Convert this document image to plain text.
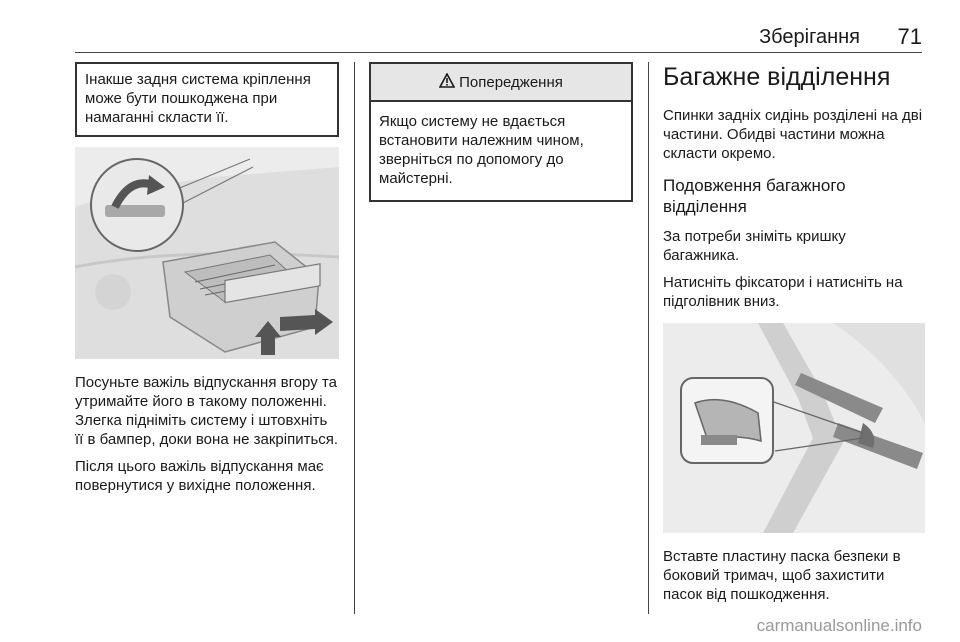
Зберігання 71
Інакше задня система кріплення може бути пошкоджена при намаганні скласти її.

Посуньте важіль відпускання вгору та утримайте його в такому положенні. Злегка підніміть систему і штовхніть її в бампер, доки вона не закріпиться.

Після цього важіль відпускання має повернутися у вихідне положення.

Попередження
Якщо систему не вдається встановити належним чином, зверніться по допомогу до майстерні.
Багажне відділення

Спинки задніх сидінь розділені на дві частини. Обидві частини можна скласти окремо.

Подовження багажного відділення

За потреби зніміть кришку багажника.

Натисніть фіксатори і натисніть на підголівник вниз.

Вставте пластину паска безпеки в боковий тримач, щоб захистити пасок від пошкодження.

carmanualsonline.info
